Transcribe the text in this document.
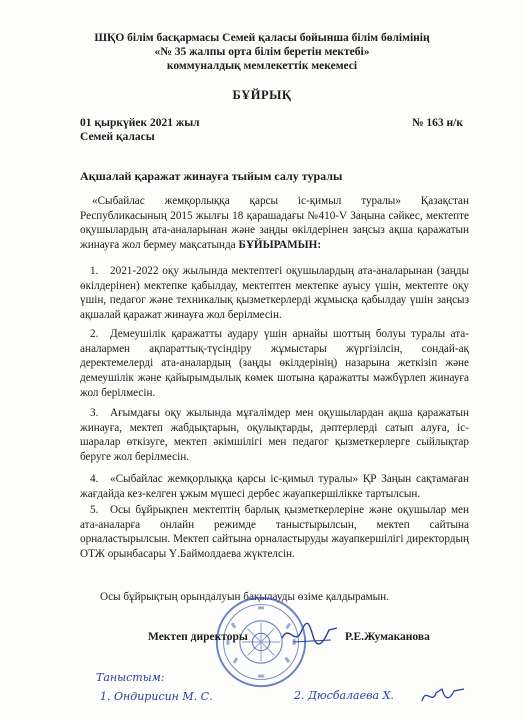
ШҚО білім басқармасы Семей қаласы бойынша білім бөлімінің
«№ 35 жалпы орта білім беретін мектебі»
коммуналдық мемлекеттік мекемесі
БҰЙРЫҚ
01 қыркүйек 2021 жыл	№ 163 н/к
Семей қаласы
Ақшалай қаражат жинауға тыйым салу туралы
«Сыбайлас жемқорлыққа қарсы іс-қимыл туралы» Қазақстан Республикасының 2015 жылғы 18 қарашадағы №410-V Заңына сәйкес, мектепте оқушылардың ата-аналарынан және заңды өкілдерінен заңсыз ақша қаражатын жинауға жол бермеу мақсатында БҰЙЫРАМЫН:
1. 2021-2022 оқу жылында мектептегі оқушылардың ата-аналарынан (заңды өкілдерінен) мектепке қабылдау, мектептен мектепке ауысу үшін, мектепте оқу үшін, педагог және техникалық қызметкерлерді жұмысқа қабылдау үшін заңсыз ақшалай қаражат жинауға жол берілмесін.
2. Демеушілік қаражатты аудару үшін арнайы шоттың болуы туралы ата-аналармен ақпараттық-түсіндіру жұмыстары жүргізілсін, сондай-ақ деректемелерді ата-аналардың (заңды өкілдерінің) назарына жеткізіп және демеушілік және қайырымдылық көмек шотына қаражатты мәжбүрлеп жинауға жол берілмесін.
3. Ағымдағы оқу жылында мұғалімдер мен оқушылардан ақша қаражатын жинауға, мектеп жабдықтарын, оқулықтарды, дәптерлерді сатып алуға, іс-шаралар өткізуге, мектеп әкімшілігі мен педагог қызметкерлерге сыйлықтар беруге жол берілмесін.
4. «Сыбайлас жемқорлыққа қарсы іс-қимыл туралы» ҚР Заңын сақтамаған жағдайда кез-келген ұжым мүшесі дербес жауапкершілікке тартылсын.
5. Осы бұйрықпен мектептің барлық қызметкерлеріне және оқушылар мен ата-аналарға онлайн режимде таныстырылсын, мектеп сайтына орналастырылсын. Мектеп сайтына орналастыруды жауапкершілігі директордың ОТЖ орынбасары Ү.Баймолдаева жүктелсін.
Осы бұйрықтың орындалуын бақылауды өзіме қалдырамын.
Мектеп директоры	Р.Е.Жумаканова
Таныстым:
1. Ондирисин М. С.	2. Дюсбалаева Х.
